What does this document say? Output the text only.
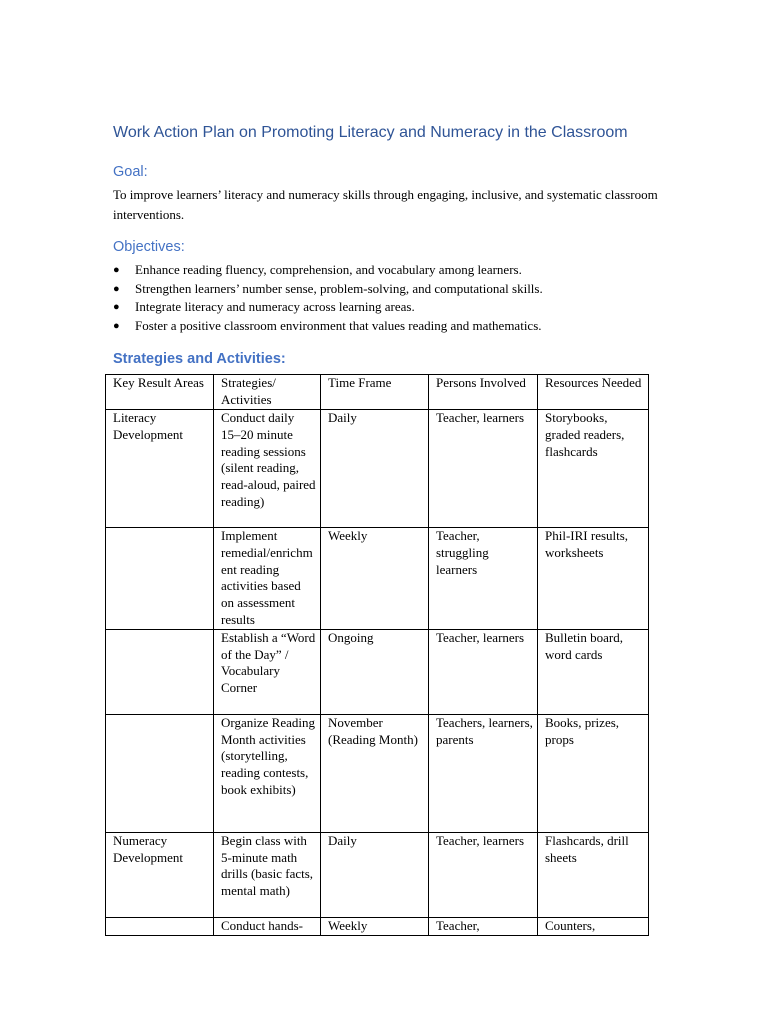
Work Action Plan on Promoting Literacy and Numeracy in the Classroom
Goal:

To improve learners’ literacy and numeracy skills through engaging, inclusive, and systematic classroom interventions.

Objectives:
● Enhance reading fluency, comprehension, and vocabulary among learners.
● Strengthen learners’ number sense, problem-solving, and computational skills.
● Integrate literacy and numeracy across learning areas.
● Foster a positive classroom environment that values reading and mathematics.
Strategies and Activities:
Key Result Areas	Strategies/ Activities	Time Frame	Persons Involved	Resources Needed
Literacy Development	Conduct daily 15–20 minute reading sessions (silent reading, read-aloud, paired reading)	Daily	Teacher, learners	Storybooks, graded readers, flashcards
	Implement remedial/enrichment reading activities based on assessment results	Weekly	Teacher, struggling learners	Phil-IRI results, worksheets
	Establish a “Word of the Day” / Vocabulary Corner	Ongoing	Teacher, learners	Bulletin board, word cards
	Organize Reading Month activities (storytelling, reading contests, book exhibits)	November (Reading Month)	Teachers, learners, parents	Books, prizes, props
Numeracy Development	Begin class with 5-minute math drills (basic facts, mental math)	Daily	Teacher, learners	Flashcards, drill sheets
	Conduct hands-	Weekly	Teacher,	Counters,
